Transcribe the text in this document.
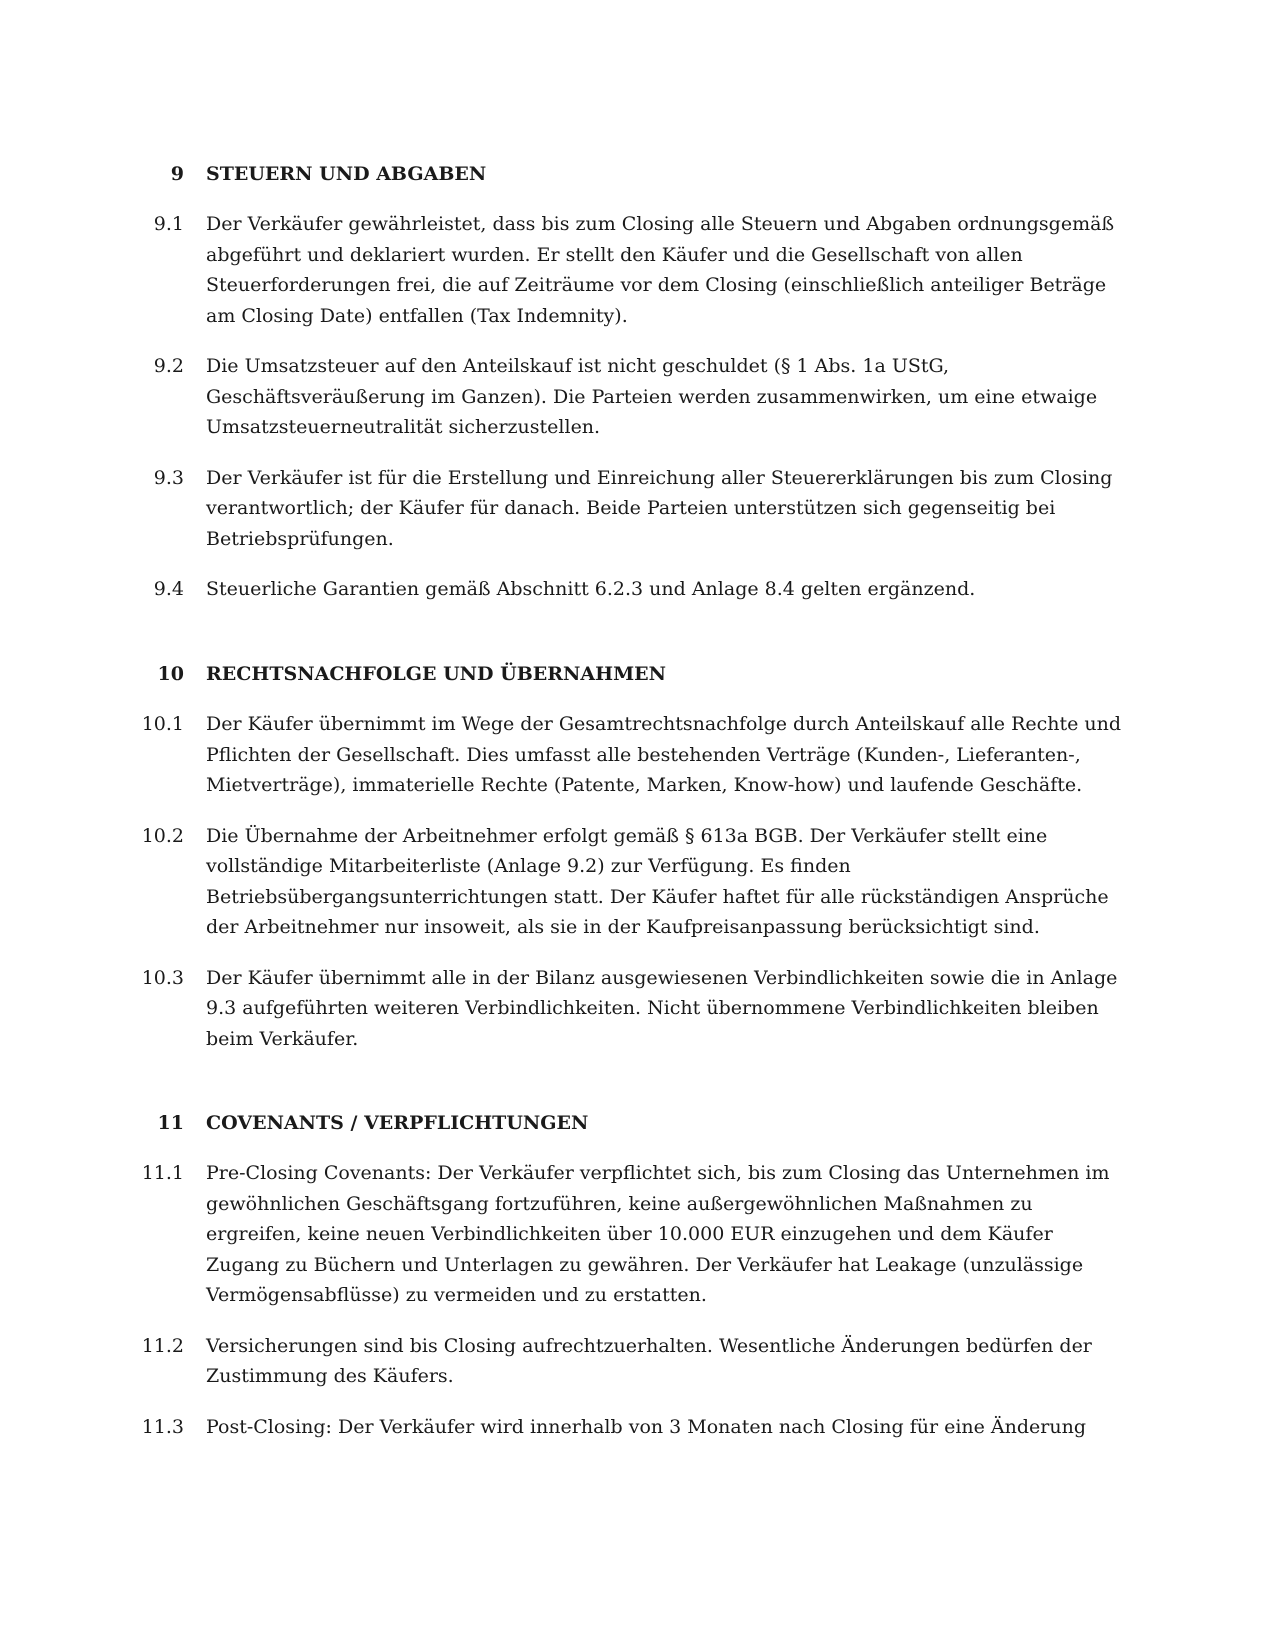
9 STEUERN UND ABGABEN
9.1 Der Verkäufer gewährleistet, dass bis zum Closing alle Steuern und Abgaben ordnungsgemäß abgeführt und deklariert wurden. Er stellt den Käufer und die Gesellschaft von allen Steuerforderungen frei, die auf Zeiträume vor dem Closing (einschließlich anteiliger Beträge am Closing Date) entfallen (Tax Indemnity).
9.2 Die Umsatzsteuer auf den Anteilskauf ist nicht geschuldet (§ 1 Abs. 1a UStG, Geschäftsveräußerung im Ganzen). Die Parteien werden zusammenwirken, um eine etwaige Umsatzsteuerneutralität sicherzustellen.
9.3 Der Verkäufer ist für die Erstellung und Einreichung aller Steuererklärungen bis zum Closing verantwortlich; der Käufer für danach. Beide Parteien unterstützen sich gegenseitig bei Betriebsprüfungen.
9.4 Steuerliche Garantien gemäß Abschnitt 6.2.3 und Anlage 8.4 gelten ergänzend.
10 RECHTSNACHFOLGE UND ÜBERNAHMEN
10.1 Der Käufer übernimmt im Wege der Gesamtrechtsnachfolge durch Anteilskauf alle Rechte und Pflichten der Gesellschaft. Dies umfasst alle bestehenden Verträge (Kunden-, Lieferanten-, Mietverträge), immaterielle Rechte (Patente, Marken, Know-how) und laufende Geschäfte.
10.2 Die Übernahme der Arbeitnehmer erfolgt gemäß § 613a BGB. Der Verkäufer stellt eine vollständige Mitarbeiterliste (Anlage 9.2) zur Verfügung. Es finden Betriebsübergangsunterrichtungen statt. Der Käufer haftet für alle rückständigen Ansprüche der Arbeitnehmer nur insoweit, als sie in der Kaufpreisanpassung berücksichtigt sind.
10.3 Der Käufer übernimmt alle in der Bilanz ausgewiesenen Verbindlichkeiten sowie die in Anlage 9.3 aufgeführten weiteren Verbindlichkeiten. Nicht übernommene Verbindlichkeiten bleiben beim Verkäufer.
11 COVENANTS / VERPFLICHTUNGEN
11.1 Pre-Closing Covenants: Der Verkäufer verpflichtet sich, bis zum Closing das Unternehmen im gewöhnlichen Geschäftsgang fortzuführen, keine außergewöhnlichen Maßnahmen zu ergreifen, keine neuen Verbindlichkeiten über 10.000 EUR einzugehen und dem Käufer Zugang zu Büchern und Unterlagen zu gewähren. Der Verkäufer hat Leakage (unzulässige Vermögensabflüsse) zu vermeiden und zu erstatten.
11.2 Versicherungen sind bis Closing aufrechtzuerhalten. Wesentliche Änderungen bedürfen der Zustimmung des Käufers.
11.3 Post-Closing: Der Verkäufer wird innerhalb von 3 Monaten nach Closing für eine Änderung
